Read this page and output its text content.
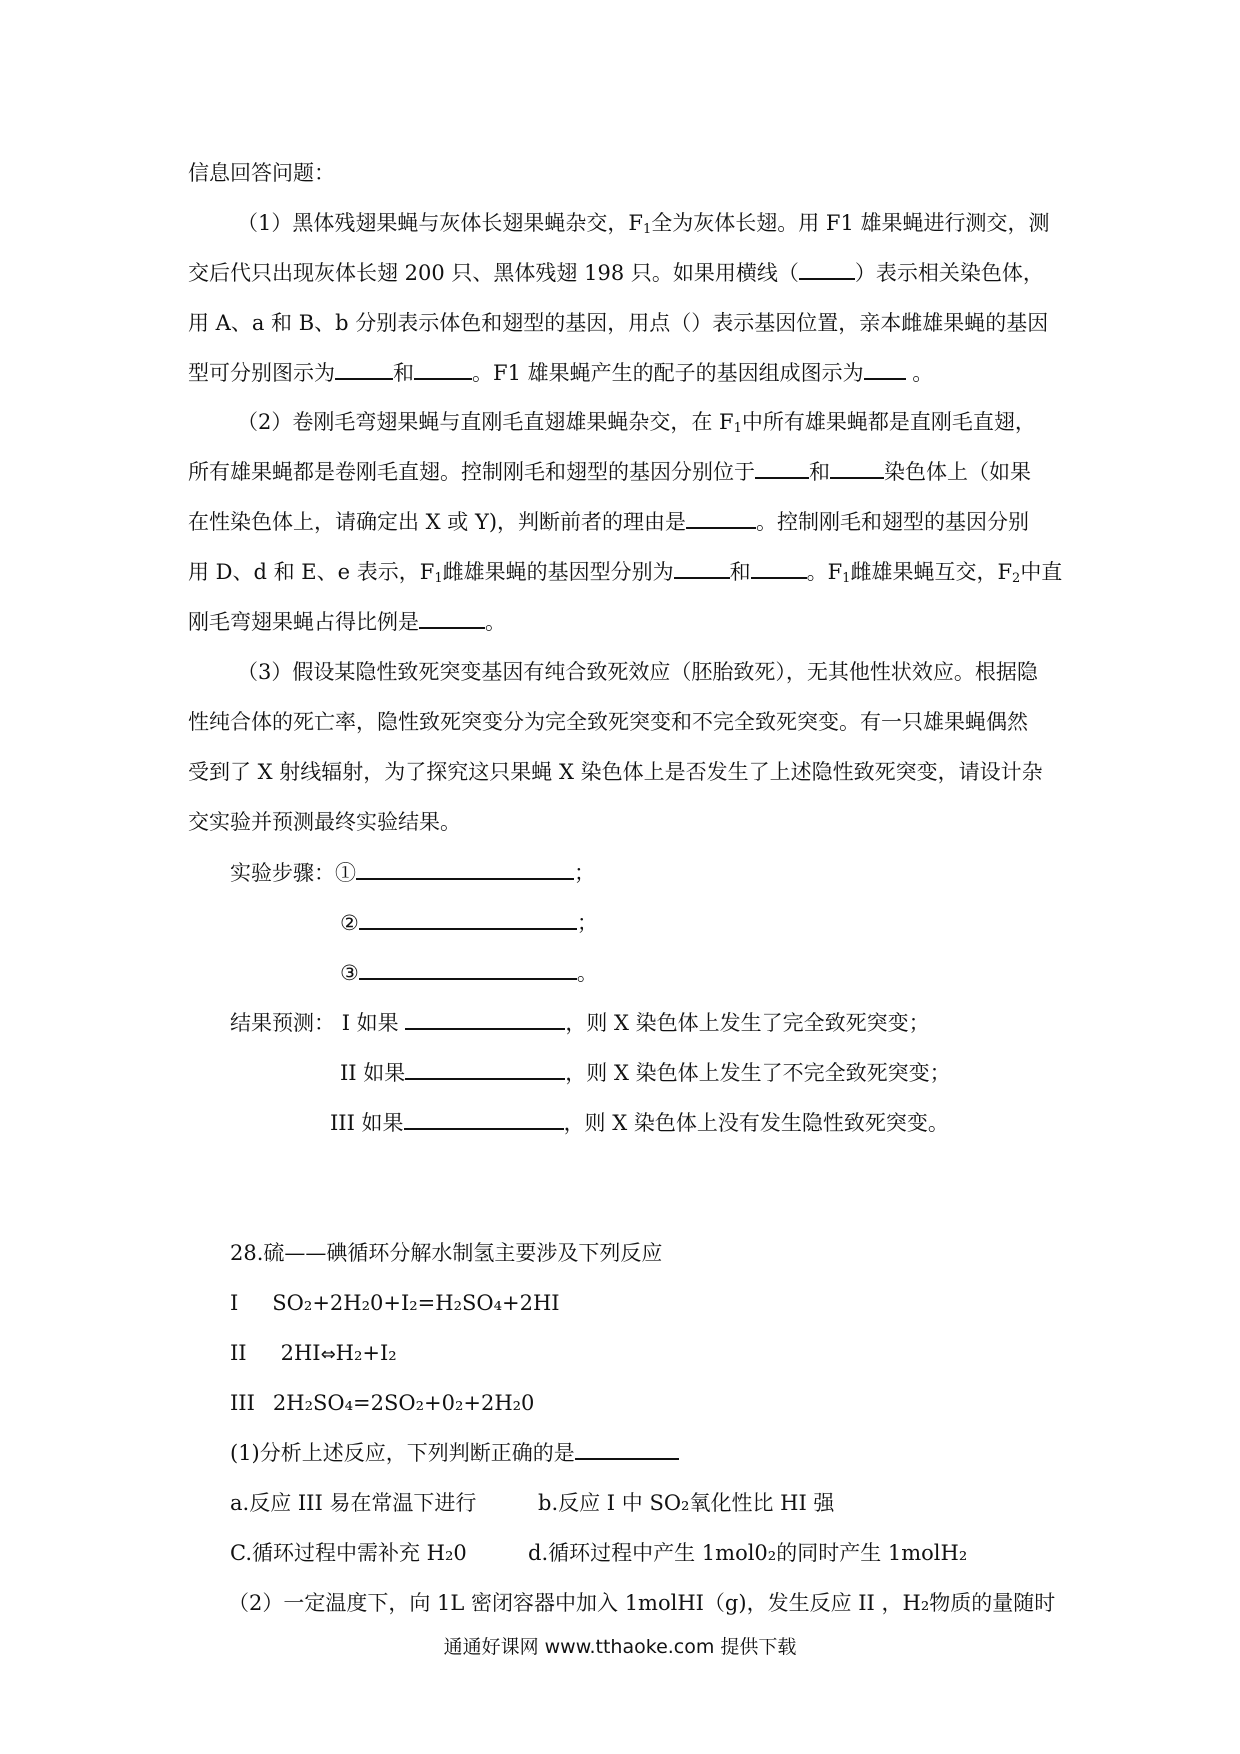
信息回答问题：
（1）黑体残翅果蝇与灰体长翅果蝇杂交，$F_1$全为灰体长翅。用 F1 雄果蝇进行测交，测
交后代只出现灰体长翅 200 只、黑体残翅 198 只。如果用横线（	）表示相关染色体，
用 A、a 和 B、b 分别表示体色和翅型的基因，用点（）表示基因位置，亲本雌雄果蝇的基因
型可分别图示为	和	。F1 雄果蝇产生的配子的基因组成图示为 。
（2）卷刚毛弯翅果蝇与直刚毛直翅雄果蝇杂交，在 $F_1$中所有雄果蝇都是直刚毛直翅，
所有雄果蝇都是卷刚毛直翅。控制刚毛和翅型的基因分别位于	和	染色体上（如果
在性染色体上，请确定出 X 或 Y)，判断前者的理由是	。控制刚毛和翅型的基因分别
用 D、d 和 E、e 表示，$F_1$雌雄果蝇的基因型分别为	和	。$F_1$雌雄果蝇互交，$F_2$中直
刚毛弯翅果蝇占得比例是	。
（3）假设某隐性致死突变基因有纯合致死效应（胚胎致死），无其他性状效应。根据隐
性纯合体的死亡率，隐性致死突变分为完全致死突变和不完全致死突变。有一只雄果蝇偶然
受到了 X 射线辐射，为了探究这只果蝇 X 染色体上是否发生了上述隐性致死突变，请设计杂
交实验并预测最终实验结果。
实验步骤：①	；
②	；
③	。
结果预测： I 如果	，则 X 染色体上发生了完全致死突变；
II 如果	，则 X 染色体上发生了不完全致死突变；
III 如果	，则 X 染色体上没有发生隐性致死突变。
28.硫——碘循环分解水制氢主要涉及下列反应
I SO₂+2H₂0+I₂=H₂SO₄+2HI
II 2HI⇔H₂+I₂
III 2H₂SO₄=2SO₂+0₂+2H₂0
(1)分析上述反应，下列判断正确的是
a.反应 III 易在常温下进行	b.反应 I 中 SO₂氧化性比 HI 强
C.循环过程中需补充 H₂0	d.循环过程中产生 1mol0₂的同时产生 1molH₂
（2）一定温度下，向 1L 密闭容器中加入 1molHI（g)，发生反应 II ，H₂物质的量随时
通通好课网 www.tthaoke.com 提供下载
